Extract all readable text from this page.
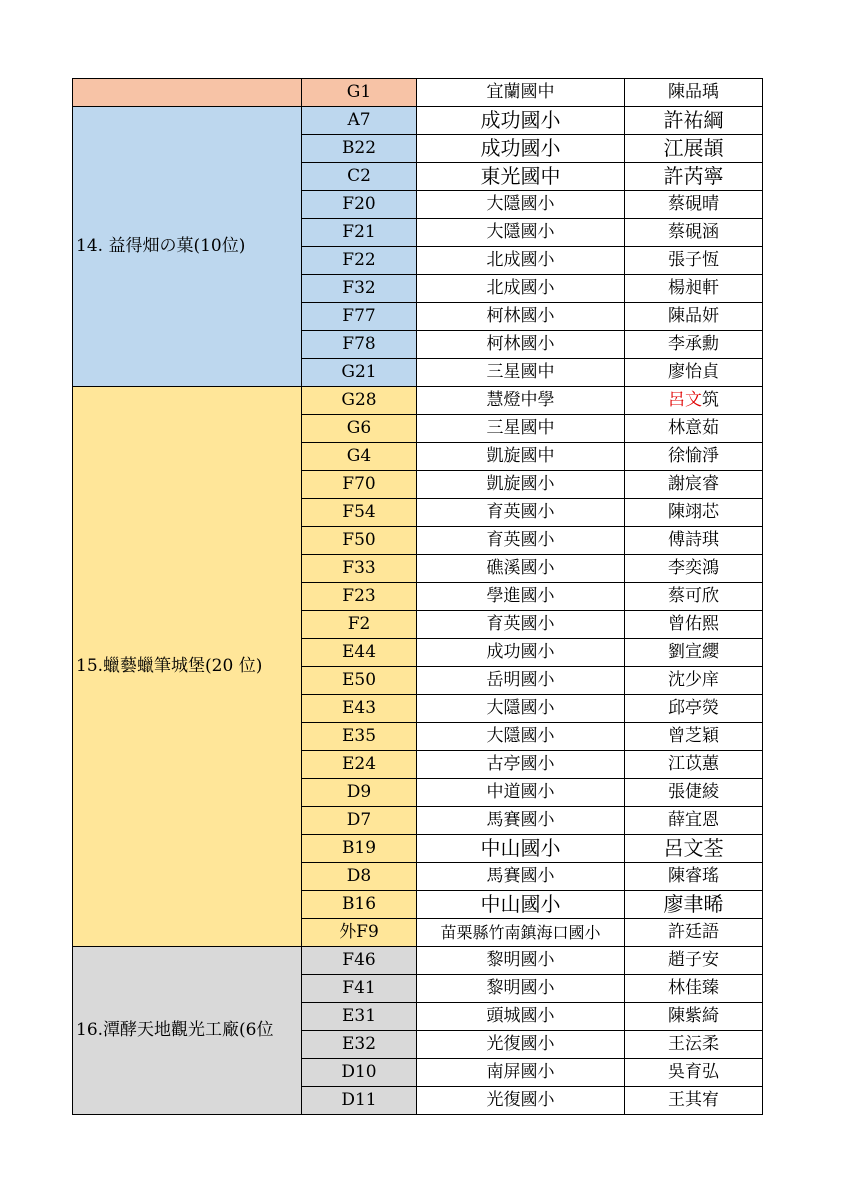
	G1	宜蘭國中	陳品瑀
14. 益得畑の菓(10位)	A7	成功國小	許祐綱
	B22	成功國小	江展頡
	C2	東光國中	許芮寧
	F20	大隱國小	蔡硯晴
	F21	大隱國小	蔡硯涵
	F22	北成國小	張子恆
	F32	北成國小	楊昶軒
	F77	柯林國小	陳品妍
	F78	柯林國小	李承勳
	G21	三星國中	廖怡貞
15.蠟藝蠟筆城堡(20 位)	G28	慧燈中學	呂文筑
	G6	三星國中	林意茹
	G4	凱旋國中	徐愉淨
	F70	凱旋國小	謝宸睿
	F54	育英國小	陳翊芯
	F50	育英國小	傅詩琪
	F33	礁溪國小	李奕鴻
	F23	學進國小	蔡可欣
	F2	育英國小	曾佑熙
	E44	成功國小	劉宣纓
	E50	岳明國小	沈少庠
	E43	大隱國小	邱亭熒
	E35	大隱國小	曾芝穎
	E24	古亭國小	江苡蕙
	D9	中道國小	張倢綾
	D7	馬賽國小	薛宜恩
	B19	中山國小	呂文荃
	D8	馬賽國小	陳睿瑤
	B16	中山國小	廖聿晞
	外F9	苗栗縣竹南鎮海口國小	許廷語
16.潭酵天地觀光工廠(6位	F46	黎明國小	趙子安
	F41	黎明國小	林佳臻
	E31	頭城國小	陳紫綺
	E32	光復國小	王沄柔
	D10	南屏國小	吳育弘
	D11	光復國小	王其宥
